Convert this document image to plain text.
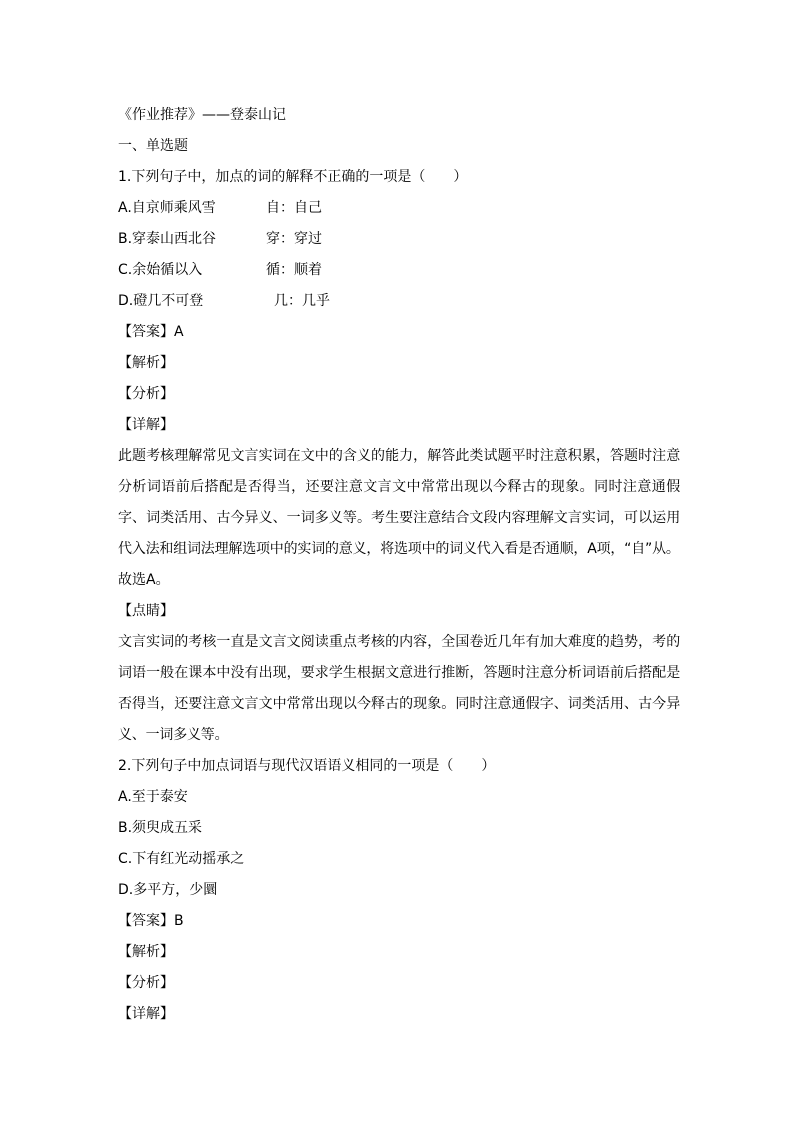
《作业推荐》——登泰山记
一、单选题
1.下列句子中，加点的词的解释不正确的一项是（　　）
A.自京师乘风雪	自：自己
B.穿泰山西北谷	穿：穿过
C.余始循以入	循：顺着
D.磴几不可登	几：几乎
【答案】A
【解析】
【分析】
【详解】
此题考核理解常见文言实词在文中的含义的能力，解答此类试题平时注意积累，答题时注意分析词语前后搭配是否得当，还要注意文言文中常常出现以今释古的现象。同时注意通假字、词类活用、古今异义、一词多义等。考生要注意结合文段内容理解文言实词，可以运用代入法和组词法理解选项中的实词的意义，将选项中的词义代入看是否通顺，A项，“自”从。
故选A。
【点睛】
文言实词的考核一直是文言文阅读重点考核的内容，全国卷近几年有加大难度的趋势，考的词语一般在课本中没有出现，要求学生根据文意进行推断，答题时注意分析词语前后搭配是否得当，还要注意文言文中常常出现以今释古的现象。同时注意通假字、词类活用、古今异义、一词多义等。
2.下列句子中加点词语与现代汉语语义相同的一项是（　　）
A.至于泰安
B.须臾成五采
C.下有红光动摇承之
D.多平方，少圜
【答案】B
【解析】
【分析】
【详解】
